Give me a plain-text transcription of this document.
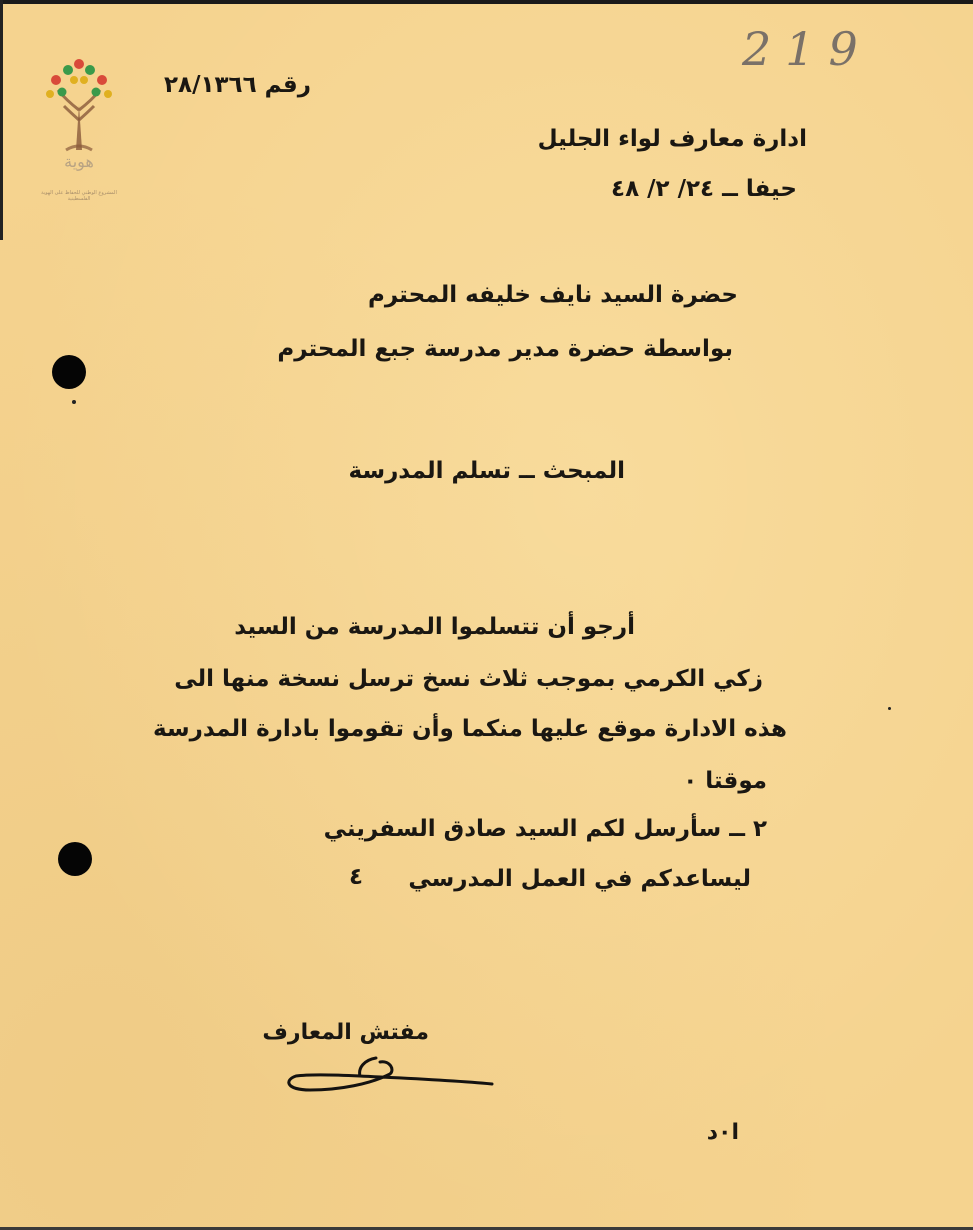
219
هوية
المشروع الوطني للحفاظ على الهوية الفلسطينية
رقم ٢٨/١٣٦٦
ادارة معارف لواء الجليل
حيفا ــ ٢٤/ ٢/ ٤٨
حضرة السيد نايف خليفه المحترم
بواسطة حضرة مدير مدرسة جبع المحترم
المبحث ــ تسلم المدرسة
أرجو أن تتسلموا المدرسة من السيد
زكي الكرمي بموجب ثلاث نسخ ترسل نسخة منها الى
هذه الادارة موقع عليها منكما وأن تقوموا بادارة المدرسة
موقتا ٠
٢ ــ سأرسل لكم السيد صادق السفريني
ليساعدكم في العمل المدرسي
٤
مفتش المعارف
ا٠د
